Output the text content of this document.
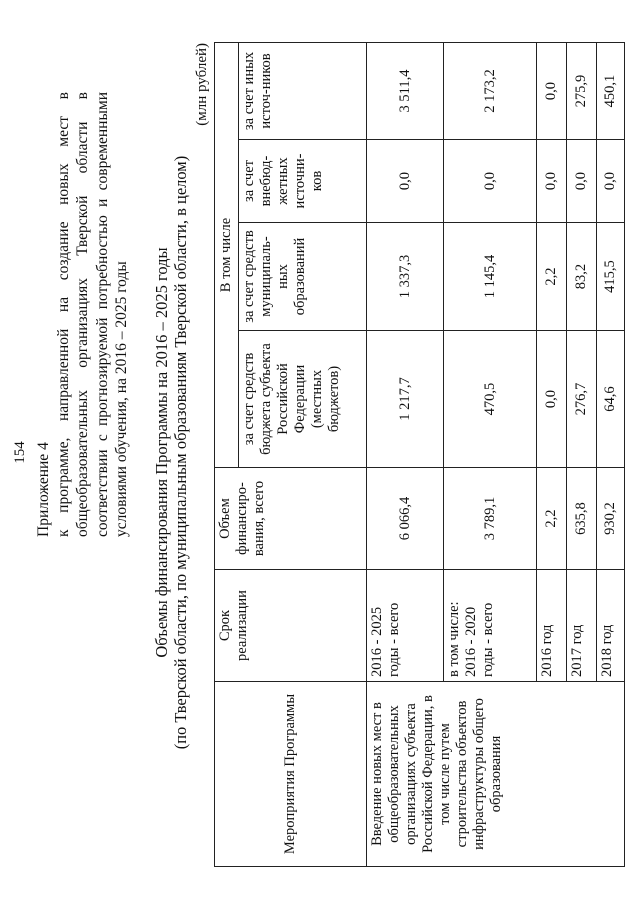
154 Приложение 4 к программе, направленной на создание новых мест в общеобразовательных организациях Тверской области в соответствии с прогнозируемой потребностью и современными условиями обучения, на 2016 – 2025 годы Объемы финансирования Программы на 2016 – 2025 годы (по Тверской области, по муниципальным образованиям Тверской области, в целом)
(млн рублей)
Мероприятия Программы	Срок реализации	Объем финансиро-вания, всего	В том числе			
			за счет средств бюджета субъекта Российской Федерации (местных бюджетов)	за счет средств муниципаль-ных образований	за счет внебюд-жетных источни-ков	за счет иных источ-ников
Введение новых мест в общеобразовательных организациях субъекта Российской Федерации, в том числе путем строительства объектов инфраструктуры общего образования	2016 - 2025 годы - всего	6 066,4	1 217,7	1 337,3	0,0	3 511,4
	в том числе: 2016 - 2020 годы - всего	3 789,1	470,5	1 145,4	0,0	2 173,2
	2016 год	2,2	0,0	2,2	0,0	0,0
	2017 год	635,8	276,7	83,2	0,0	275,9
	2018 год	930,2	64,6	415,5	0,0	450,1
